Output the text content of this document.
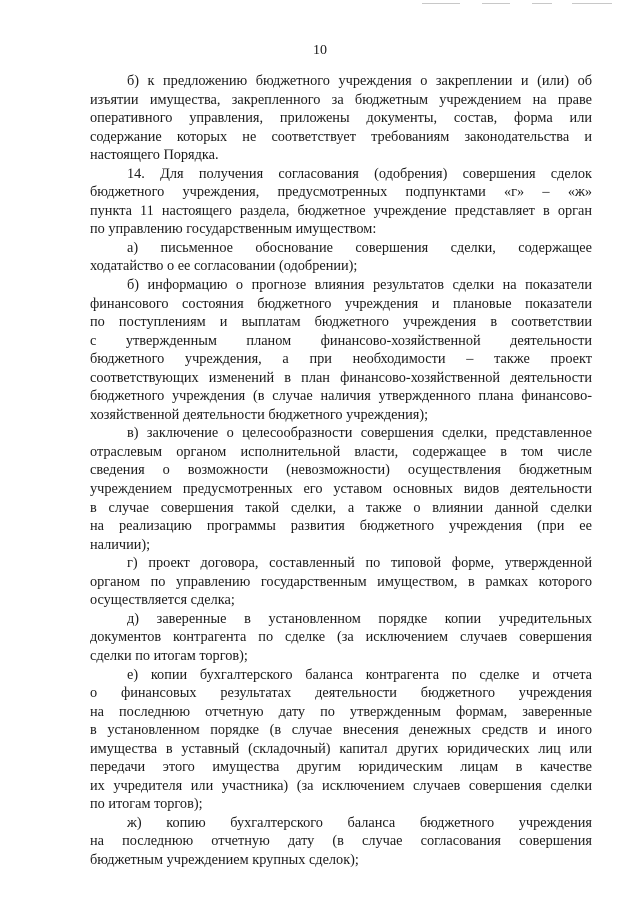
10
б) к предложению бюджетного учреждения о закреплении и (или) об
изъятии имущества, закрепленного за бюджетным учреждением на праве
оперативного управления, приложены документы, состав, форма или
содержание которых не соответствует требованиям законодательства и
настоящего Порядка.
14. Для получения согласования (одобрения) совершения сделок
бюджетного учреждения, предусмотренных подпунктами «г» – «ж»
пункта 11 настоящего раздела, бюджетное учреждение представляет в орган
по управлению государственным имуществом:
а) письменное обоснование совершения сделки, содержащее
ходатайство о ее согласовании (одобрении);
б) информацию о прогнозе влияния результатов сделки на показатели
финансового состояния бюджетного учреждения и плановые показатели
по поступлениям и выплатам бюджетного учреждения в соответствии
с утвержденным планом финансово-хозяйственной деятельности
бюджетного учреждения, а при необходимости – также проект
соответствующих изменений в план финансово-хозяйственной деятельности
бюджетного учреждения (в случае наличия утвержденного плана финансово-
хозяйственной деятельности бюджетного учреждения);
в) заключение о целесообразности совершения сделки, представленное
отраслевым органом исполнительной власти, содержащее в том числе
сведения о возможности (невозможности) осуществления бюджетным
учреждением предусмотренных его уставом основных видов деятельности
в случае совершения такой сделки, а также о влиянии данной сделки
на реализацию программы развития бюджетного учреждения (при ее
наличии);
г) проект договора, составленный по типовой форме, утвержденной
органом по управлению государственным имуществом, в рамках которого
осуществляется сделка;
д) заверенные в установленном порядке копии учредительных
документов контрагента по сделке (за исключением случаев совершения
сделки по итогам торгов);
е) копии бухгалтерского баланса контрагента по сделке и отчета
о финансовых результатах деятельности бюджетного учреждения
на последнюю отчетную дату по утвержденным формам, заверенные
в установленном порядке (в случае внесения денежных средств и иного
имущества в уставный (складочный) капитал других юридических лиц или
передачи этого имущества другим юридическим лицам в качестве
их учредителя или участника) (за исключением случаев совершения сделки
по итогам торгов);
ж) копию бухгалтерского баланса бюджетного учреждения
на последнюю отчетную дату (в случае согласования совершения
бюджетным учреждением крупных сделок);
